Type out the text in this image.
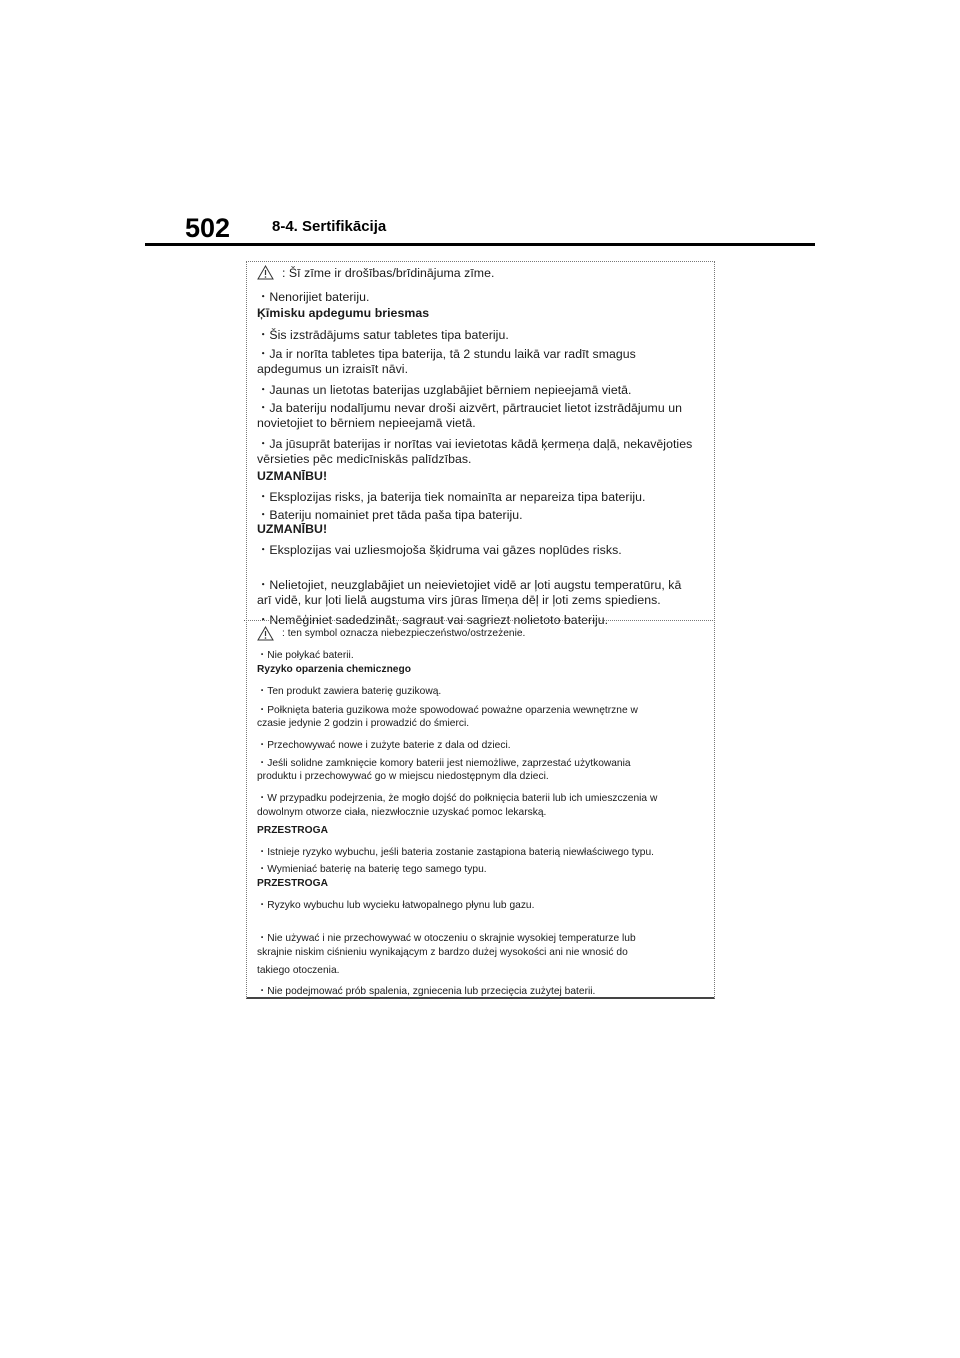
502	8-4. Sertifikācija
: Šī zīme ir drošības/brīdinājuma zīme.
・Nenorijiet bateriju.
Ķīmisku apdegumu briesmas
・Šis izstrādājums satur tabletes tipa bateriju.
・Ja ir norīta tabletes tipa baterija, tā 2 stundu laikā var radīt smagus
apdegumus un izraisīt nāvi.
・Jaunas un lietotas baterijas uzglabājiet bērniem nepieejamā vietā.
・Ja bateriju nodalījumu nevar droši aizvērt, pārtrauciet lietot izstrādājumu un
novietojiet to bērniem nepieejamā vietā.
・Ja jūsuprāt baterijas ir norītas vai ievietotas kādā ķermeņa daļā, nekavējoties
vērsieties pēc medicīniskās palīdzības.
UZMANĪBU!
・Eksplozijas risks, ja baterija tiek nomainīta ar nepareiza tipa bateriju.
・Bateriju nomainiet pret tāda paša tipa bateriju.
UZMANĪBU!
・Eksplozijas vai uzliesmojoša šķidruma vai gāzes noplūdes risks.
・Nelietojiet, neuzglabājiet un neievietojiet vidē ar ļoti augstu temperatūru, kā
arī vidē, kur ļoti lielā augstuma virs jūras līmeņa dēļ ir ļoti zems spiediens.
・Nemēģiniet sadedzināt, sagraut vai sagriezt nolietoto bateriju.
: ten symbol oznacza niebezpieczeństwo/ostrzeżenie.
・Nie połykać baterii.
Ryzyko oparzenia chemicznego
・Ten produkt zawiera baterię guzikową.
・Połknięta bateria guzikowa może spowodować poważne oparzenia wewnętrzne w
czasie jedynie 2 godzin i prowadzić do śmierci.
・Przechowywać nowe i zużyte baterie z dala od dzieci.
・Jeśli solidne zamknięcie komory baterii jest niemożliwe, zaprzestać użytkowania
produktu i przechowywać go w miejscu niedostępnym dla dzieci.
・W przypadku podejrzenia, że mogło dojść do połknięcia baterii lub ich umieszczenia w
dowolnym otworze ciała, niezwłocznie uzyskać pomoc lekarską.
PRZESTROGA
・Istnieje ryzyko wybuchu, jeśli bateria zostanie zastąpiona baterią niewłaściwego typu.
・Wymieniać baterię na baterię tego samego typu.
PRZESTROGA
・Ryzyko wybuchu lub wycieku łatwopalnego płynu lub gazu.
・Nie używać i nie przechowywać w otoczeniu o skrajnie wysokiej temperaturze lub
skrajnie niskim ciśnieniu wynikającym z bardzo dużej wysokości ani nie wnosić do
takiego otoczenia.
・Nie podejmować prób spalenia, zgniecenia lub przecięcia zużytej baterii.
